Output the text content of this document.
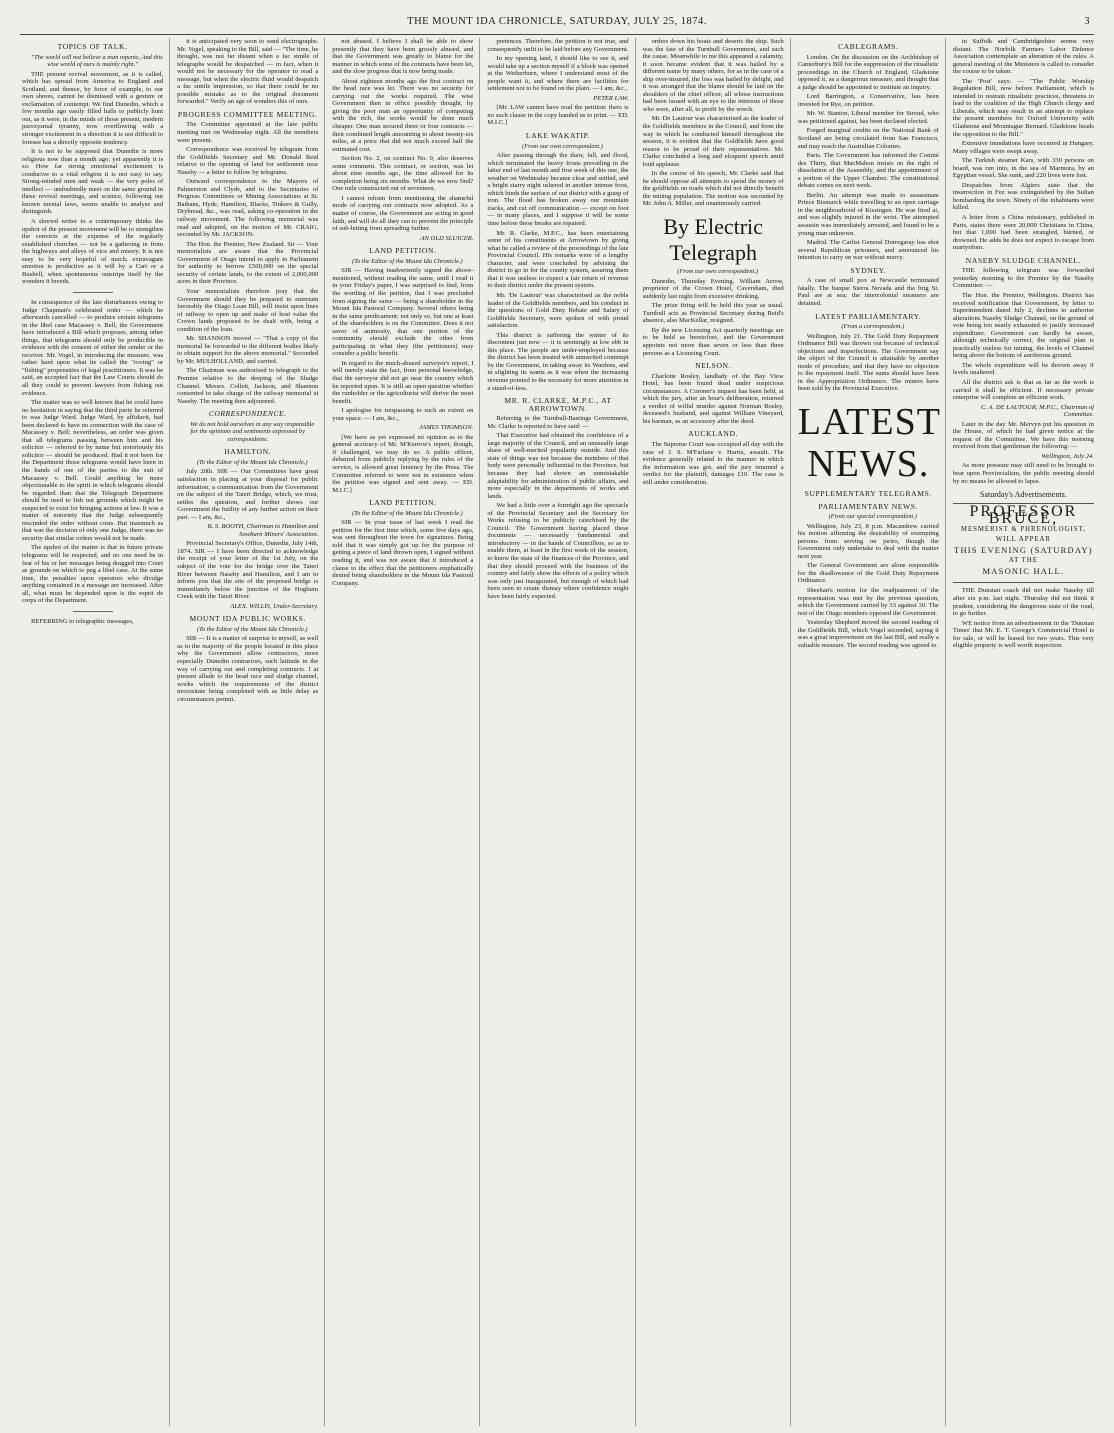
THE MOUNT IDA CHRONICLE, SATURDAY, JULY 25, 1874.	3
TOPICS OF TALK.

"The world will not believe a man repents, And this wise world of ours is mainly right."

THE present revival movement, as it is called, which has spread from America to England and Scotland, and thence, by force of example, to our own shores, cannot be dismissed with a gesture or exclamation of contempt. We find Dunedin, which a few months ago easily filled halls to publicly hunt out, as it were, in the minds of those present, modern paroxysmal tyranny, now overflowing with a stronger excitement in a direction it is not difficult to foresee has a directly opposite tendency.

It is not to be supposed that Dunedin is more religious now than a month ago; yet apparently it is so. How far strong emotional excitement is conducive to a vital religion it is not easy to say. Strong-minded men and weak — the very poles of intellect — undoubtedly meet on the same ground in these revival meetings, and science, following out known mental laws, seems unable to analyse and distinguish.

A shrewd writer to a contemporary thinks the upshot of the present movement will be to strengthen the convicts at the expense of the regularly established churches — not be a gathering in from the highways and alleys of vice and misery. It is not easy to be very hopeful of much; extravagant emotion is productive as it will by a Cart or a Bushell, when spontaneous outstrips itself by the wonders it breeds.

In consequence of the late disturbances owing to Judge Chapman's celebrated order — which he afterwards cancelled — to produce certain telegrams in the libel case Macassey v. Bell, the Government have introduced a Bill which proposes, among other things, that telegrams should only be producible in evidence with the consent of either the sender or the receiver. Mr. Vogel, in introducing the measure, was rather hard upon what he called the "roving" or "fishing" propensities of legal practitioners. It was he said, an accepted fact that the Law Courts should do all they could to prevent lawyers from fishing out evidence.

The matter was so well known that he could have no hesitation in saying that the third party he referred to was Judge Ward. Judge Ward, by affidavit, had been declared to have no connection with the case of Macassey v. Bell; nevertheless, an order was given that all telegrams passing between him and his solicitor — referred to by name but notoriously his solicitor — should be produced. Had it not been for the Department those telegrams would have been in the hands of one of the parties to the suit of Macassey v. Bell. Could anything be more objectionable to the spirit in which telegrams should be regarded than that the Telegraph Department should be used to fish out grounds which might be suspected to exist for bringing actions at law. It was a matter of notoriety that the Judge subsequently rescinded the order without costs. But inasmuch as that was the decision of only one Judge, there was no security that similar orders would not be made.

The upshot of the matter is that in future private telegrams will be respected, and no one need be in fear of his or her messages being dragged into Court as grounds on which to peg a libel case. At the same time, the penalties upon operators who divulge anything contained in a message are increased. After all, what must be depended upon is the esprit de corps of the Department.

REFERRING to telegraphic messages,

it is anticipated very soon to send electrographs. Mr. Vogel, speaking to the Bill, said — "The time, he thought, was not far distant when a fac simile of telegraphs would be despatched — in fact, when it would not be necessary for the operator to read a message, but when the electric fluid would despatch a fac simile impression, so that there could be no possible mistake as to the original document forwarded." Verily an age of wonders this of ours.

PROGRESS COMMITTEE MEETING.

The Committee appointed at the late public meeting met on Wednesday night. All the members were present.

Correspondence was received by telegram from the Goldfields Secretary and Mr. Donald Reid relative to the opening of land for settlement near Naseby — a letter to follow by telegrams.

Outward correspondence to the Mayors of Palmerston and Clyde, and to the Secretaries of Progress Committees or Mining Associations at St. Bathans, Hyde, Hamilton, Blacks, Tinkers & Gully, Drybread, &c., was read, asking co-operation in the railway movement. The following memorial was read and adopted, on the motion of Mr. CRAIG, seconded by Mr. JACKSON:

The Hon. the Premier, New Zealand. Sir — Your memorialists are aware that the Provincial Government of Otago intend to apply to Parliament for authority to borrow £500,000 on the special security of certain lands, to the extent of 2,000,000 acres in their Province.

Your memorialists therefore pray that the Government should they be prepared to entertain favorably the Otago Loan Bill, will insist upon lines of railway to open up and make of host value the Crown lands proposed to be dealt with, being a condition of the loan.

Mr. SHANNON moved — "That a copy of the memorial be forwarded to the different bodies likely to obtain support for the above memorial." Seconded by Mr. MULHOLLAND, and carried.

The Chairman was authorised to telegraph to the Premier relative to the deeping of the Sludge Channel. Messrs. Collett, Jackson, and Shannon consented to take charge of the railway memorial at Naseby. The meeting then adjourned.

CORRESPONDENCE.

We do not hold ourselves in any way responsible for the opinions and sentiments expressed by correspondents.

HAMILTON.

(To the Editor of the Mount Ida Chronicle.)

July 20th. SIR — Our Committees have great satisfaction in placing at your disposal for public information, a communication from the Government on the subject of the Taieri Bridge, which, we trust, settles the question, and further shows our Government the futility of any further action on their part. — I am, &c.,

B. S. BOOTH, Chairman to Hamilton and Sowburn Miners' Association.

Provincial Secretary's Office, Dunedin, July 14th, 1874. SIR — I have been directed to acknowledge the receipt of your letter of the 1st July, on the subject of the vote for the bridge over the Taieri River between Naseby and Hamilton, and I am to inform you that the site of the proposed bridge is immediately below the junction of the Hogburn Creek with the Taieri River.

ALEX. WILLIS, Under-Secretary.

MOUNT IDA PUBLIC WORKS.

(To the Editor of the Mount Ida Chronicle.)

SIR — It is a matter of surprise to myself, as well as to the majority of the people located in this place why the Government allow contractors, more especially Dunedin contractors, such latitude in the way of carrying out and completing contracts. I at present allude to the head race and sludge channel, works which the requirements of the district necessitate being completed with as little delay as circumstances permit.

not abused. I believe I shall be able to show presently that they have been grossly abused, and that the Government was greatly to blame for the manner in which some of the contracts have been let, and the slow progress that is now being made.

About eighteen months ago the first contract on the head race was let. There was no security for carrying out the works required. The wise Government then in office possibly thought, by giving the poor man an opportunity of competing with the rich, the works would be done much cheaper. One man secured three or four contracts — their combined length amounting to about twenty-six miles, at a price that did not much exceed half the estimated cost.

Section No. 2, on contract No. 9, also deserves some comment. This contract, or section, was let about nine months ago, the time allowed for its completion being six months. What do we now find? One mile constructed out of seventeen.

I cannot refrain from mentioning the shameful mode of carrying out contracts now adopted. As a matter of course, the Government are acting in good faith, and will do all they can to prevent the principle of sub-letting from spreading further.

AN OLD SLUICER.

LAND PETITION.

(To the Editor of the Mount Ida Chronicle.)

SIR — Having inadvertently signed the above-mentioned, without reading the same, until I read it in your Friday's paper, I was surprised to find, from the wording of the petition, that I was precluded from signing the same — being a shareholder in the Mount Ida Pastoral Company. Several others being in the same predicament; not only so, but one at least of the shareholders is on the Committee. Does it not savor of animosity, that one portion of the community should exclude the other from participating in what they (the petitioners) may consider a public benefit.

In regard to the much-abused surveyor's report, I will merely state the fact, from personal knowledge, that the surveyor did not go near the country which he reported upon. It is still an open question whether the runholder or the agriculturist will derive the most benefit.

I apologise for trespassing to such an extent on your space. — I am, &c.,

JAMES THOMSON.

[We have as yet expressed no opinion as to the general accuracy of Mr. M'Kerrow's report, though, if challenged, we may do so. A public officer, debarred from publicly replying by the rules of the service, is allowed great leniency by the Press. The Committee referred to were not in existence when the petition was signed and sent away. — ED. M.I.C.]

LAND PETITION.

(To the Editor of the Mount Ida Chronicle.)

SIR — In your issue of last week I read the petition for the first time which, some five days ago, was sent throughout the town for signatures. Being told that it was simply got up for the purpose of getting a piece of land thrown open, I signed without reading it, and was not aware that it introduced a clause to the effect that the petitioners emphatically denied being shareholders in the Mount Ida Pastoral Company.

pretences. Therefore, the petition is not true, and consequently unfit to be laid before any Government.

In my opening land, I should like to see it, and would take up a section myself if a block was opened at the Wetherburn, where I understand most of the people want it, and where there are facilities for settlement not to be found on the plain. — I am, &c.,

PETER LAW.

[Mr. LAW cannot have read the petition: there is no such clause in the copy handed us to print. — ED. M.I.C.]

LAKE WAKATIP.

(From our own correspondent.)

After passing through the thaw, fall, and flood, which terminated the heavy frosts prevailing in the latter end of last month and first week of this one, the weather on Wednesday became clear and settled, and a bright starry night ushered in another intense frost, which binds the surface of our district with a grasp of iron. The flood has broken away our mountain tracks, and cut off communication — except on foot — in many places, and I suppose it will be some time before these breaks are repaired.

Mr. R. Clarke, M.P.C., has been entertaining some of his constituents at Arrowtown by giving what he called a review of the proceedings of the late Provincial Council. His remarks were of a lengthy character, and were concluded by advising the district to go in for the county system, assuring them that it was useless to expect a fair return of revenue to their district under the present system.

Mr. 'De Lautour' was characterised as the noble leader of the Goldfields members, and his conduct in the questions of Gold Duty Rebate and Salary of Goldfields Secretary, were spoken of with proud satisfaction.

This district is suffering the winter of its discontent just now — it is seemingly at low ebb in this place. The people are under-employed because the district has been treated with unmerited contempt by the Government, in taking away its Wardens, and in slighting its wants as it was when the increasing revenue pointed to the necessity for more attention in a stand-of-less.

MR. R. CLARKE, M.P.C., AT ARROWTOWN.

Referring to the Turnbull-Bastings Government, Mr. Clarke is reported to have said: —

That Executive had obtained the confidence of a large majority of the Council, and an unusually large share of well-merited popularity outside. And this state of things was not because the members of that body were personally influential in the Province, but because they had shown an unmistakable adaptability for administration of public affairs, and more especially in the departments of works and lands.

We had a little over a fortnight ago the spectacle of the Provincial Secretary and the Secretary for Works refusing to be publicly catechised by the Council. The Government having placed these documents — necessarily fundamental and introductory — in the hands of Councillors, so as to enable them, at least in the first week of the session, to know the state of the finances of the Province, and that they should proceed with the business of the country and fairly show the effects of a policy which was only just inaugurated, but enough of which had been seen to create dismay where confidence might have been fairly expected.

orders down his boats and deserts the ship. Such was the fate of the Turnbull Government, and such the cause. Meanwhile to me this appeared a calamity, it soon became evident that it was hailed by a different name by many others, for as in the case of a ship over-insured, the loss was hailed by delight, and it was arranged that the blame should be laid on the shoulders of the chief officer, all whose instructions had been issued with an eye to the interests of those who were, after all, to profit by the wreck.

Mr. De Lautour was characterised as the leader of the Goldfields members in the Council, and from the way in which he conducted himself throughout the session, it is evident that the Goldfields have good reason to be proud of their representatives. Mr. Clarke concluded a long and eloquent speech amid loud applause.

In the course of his speech, Mr. Clarke said that he should oppose all attempts to spend the money of the goldfields on roads which did not directly benefit the mining population. The motion was seconded by Mr. John A. Miller, and unanimously carried.

By Electric Telegraph

(From our own correspondent.)

Dunedin, Thursday Evening. William Arrow, proprietor of the Crown Hotel, Caversham, died suddenly last night from excessive drinking.

The prize firing will be held this year as usual. Turnbull acts as Provincial Secretary during Reid's absence, also MacKellar, resigned.

By the new Licensing Act quarterly meetings are to be held as heretofore, and the Government appoints not more than seven or less than three persons as a Licensing Court.

NELSON.

Charlotte Rosley, landlady of the Bay View Hotel, has been found dead under suspicious circumstances. A Coroner's inquest has been held, at which the jury, after an hour's deliberation, returned a verdict of wilful murder against Norman Rosley, deceased's husband, and against William Vineyard, his barman, as an accessory after the deed.

AUCKLAND.

The Supreme Court was occupied all day with the case of J. S. M'Farlane v. Harris, assault. The evidence generally related to the manner in which the information was got, and the jury returned a verdict for the plaintiff, damages £10. The case is still under consideration.

CABLEGRAMS.

London. On the discussion on the Archbishop of Canterbury's Bill for the suppression of the ritualistic proceedings in the Church of England, Gladstone opposed it, as a dangerous measure, and thought that a judge should be appointed to institute an inquiry.

Lord Barrington, a Conservative, has been invested for Rye, on petition.

Mr. W. Stanton, Liberal member for Stroud, who was petitioned against, has been declared elected.

Forged marginal credits on the National Bank of Scotland are being circulated from San Francisco, and may reach the Australian Colonies.

Paris. The Government has informed the Comité des Thirty, that MacMahon insists on the right of dissolution of the Assembly, and the appointment of a portion of the Upper Chamber. The constitutional debate comes on next week.

Berlin. An attempt was made to assassinate Prince Bismarck while travelling to an open carriage in the neighbourhood of Kissingen. He was fired at, and was slightly injured in the wrist. The attempted assassin was immediately arrested, and found to be a young man unknown.

Madrid. The Carlist General Dorregaray has shot several Republican prisoners, and announced his intention to carry on war without mercy.

SYDNEY.

A case of small pox at Newcastle terminated fatally. The barque Sierra Nevada and the brig St. Paul are at sea; the intercolonial steamers are detained.

LATEST PARLIAMENTARY.

(From a correspondent.)

Wellington, July 21. The Gold Duty Repayment Ordinance Bill was thrown out because of technical objections and imperfections. The Government say the object of the Council is attainable by another mode of procedure, and that they have no objection to the repayment itself. The sums should have been in the Appropriation Ordinance. The miners have been sold by the Provincial Executive.

LATEST NEWS.
SUPPLEMENTARY TELEGRAMS.
PARLIAMENTARY NEWS.

(From our special correspondent.)

Wellington, July 23, 8 p.m. Macandrew carried his motion affirming the desirability of exempting persons from serving on juries, though the Government only undertake to deal with the matter next year.

The General Government are alone responsible for the disallowance of the Gold Duty Repayment Ordinance.

Sheehan's motion for the readjustment of the representation was met by the previous question, which the Government carried by 33 against 30. The rest of the Otago members opposed the Government.

Yesterday Shepherd moved the second reading of the Goldfields Bill, which Vogel seconded, saying it was a great improvement on the last Bill, and really a valuable measure. The second reading was agreed to.

in Suffolk and Cambridgeshire seems very distant. The Norfolk Farmers Labor Defence Association contemplate an alteration of the rules. A general meeting of the Ministers is called to consider the course to be taken.

The 'Post' says: — "The Public Worship Regulation Bill, now before Parliament, which is intended to restrain ritualistic practices, threatens to lead to the coalition of the High Church clergy and Liberals, which may result in an attempt to replace the present members for Oxford University with Gladstone and Mountague Bernard. Gladstone heads the opposition to the Bill."

Extensive inundations have occurred in Hungary. Many villages were swept away.

The Turkish steamer Kars, with 330 persons on board, was run into, in the sea of Marmora, by an Egyptian vessel. She sunk, and 220 lives were lost.

Despatches from Algiers state that the insurrection in Fez was extinguished by the Sultan bombarding the town. Ninety of the inhabitants were killed.

A letter from a China missionary, published in Paris, states there were 20,000 Christians in China, but that 1,000 had been strangled, burned, or drowned. He adds he does not expect to escape from martyrdom.

NASEBY SLUDGE CHANNEL.

THE following telegram was forwarded yesterday morning to the Premier by the Naseby Committee: —

The Hon. the Premier, Wellington. District has received notification that Government, by letter to Superintendent dated July 2, declines to authorise alterations Naseby Sludge Channel, on the ground of vote being too nearly exhausted to justify increased expenditure. Government can hardly be aware, although technically correct, the original plan is practically useless for mining, the levels of Channel being above the bottom of auriferous ground.

The whole expenditure will be thrown away if levels unaltered.

All the district ask is that as far as the work is carried it shall be efficient. If necessary private enterprise will complete an efficient work.

C. A. DE LAUTOUR, M.P.C., Chairman of Committee.

Later in the day Mr. Mervyn put his question in the House, of which he had given notice at the request of the Committee. We have this morning received from that gentleman the following: —

Wellington, July 24.

As more pressure may still need to be brought to bear upon Provincialism, the public meeting should by no means be allowed to lapse.

Saturday's Advertisements.
PROFESSOR BRUCE,
MESMERIST & PHRENOLOGIST,
WILL APPEAR
THIS EVENING (SATURDAY)
AT THE
MASONIC HALL.

THE Dunstan coach did not make Naseby till after six p.m. last night. Thursday did not think it prudent, considering the dangerous state of the road, to go further.

WE notice from an advertisement in the 'Dunstan Times' that Mr. E. T. George's Commercial Hotel is for sale, or will be leased for two years. This very eligible property is well worth inspection.
